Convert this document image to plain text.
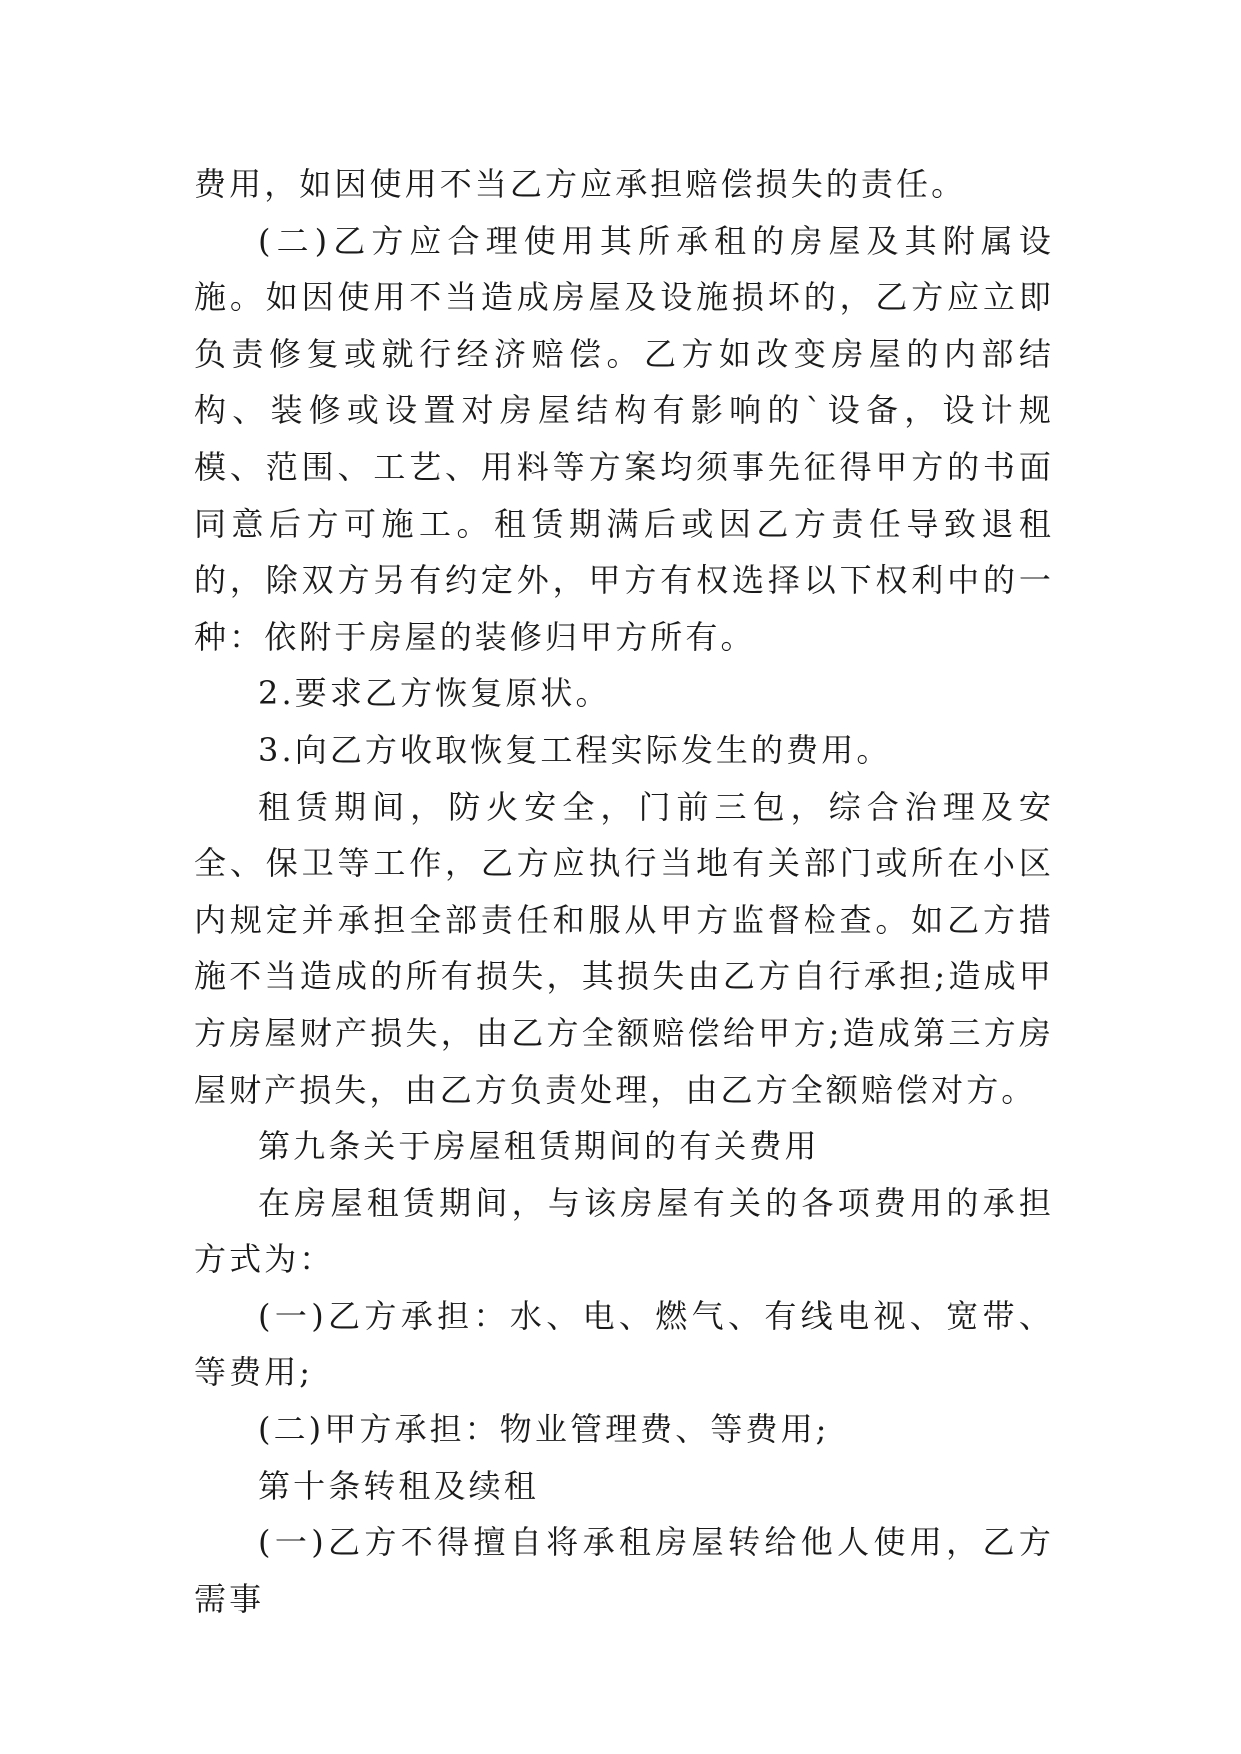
费用，如因使用不当乙方应承担赔偿损失的责任。

(二)乙方应合理使用其所承租的房屋及其附属设施。如因使用不当造成房屋及设施损坏的，乙方应立即负责修复或就行经济赔偿。乙方如改变房屋的内部结构、装修或设置对房屋结构有影响的`设备，设计规模、范围、工艺、用料等方案均须事先征得甲方的书面同意后方可施工。租赁期满后或因乙方责任导致退租的，除双方另有约定外，甲方有权选择以下权利中的一种：依附于房屋的装修归甲方所有。

2.要求乙方恢复原状。

3.向乙方收取恢复工程实际发生的费用。

租赁期间，防火安全，门前三包，综合治理及安全、保卫等工作，乙方应执行当地有关部门或所在小区内规定并承担全部责任和服从甲方监督检查。如乙方措施不当造成的所有损失，其损失由乙方自行承担;造成甲方房屋财产损失，由乙方全额赔偿给甲方;造成第三方房屋财产损失，由乙方负责处理，由乙方全额赔偿对方。

第九条关于房屋租赁期间的有关费用

在房屋租赁期间，与该房屋有关的各项费用的承担方式为：

(一)乙方承担：水、电、燃气、有线电视、宽带、等费用;

(二)甲方承担：物业管理费、等费用;

第十条转租及续租

(一)乙方不得擅自将承租房屋转给他人使用，乙方需事
